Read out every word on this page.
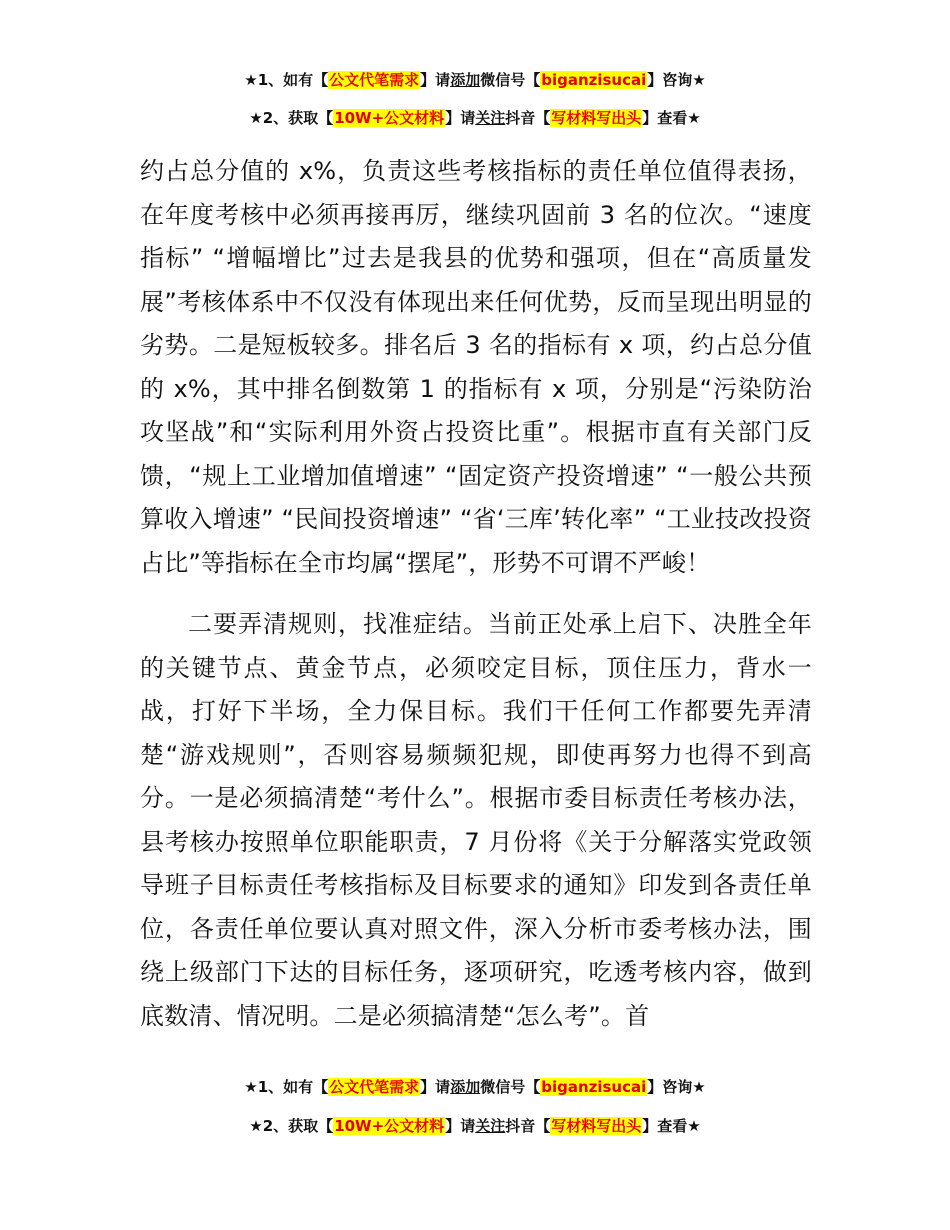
★1、如有【公文代笔需求】请添加微信号【biganzisucai】咨询★
★2、获取【10W+公文材料】请关注抖音【写材料写出头】查看★

约占总分值的 x%，负责这些考核指标的责任单位值得表扬，在年度考核中必须再接再厉，继续巩固前 3 名的位次。“速度指标” “增幅增比”过去是我县的优势和强项，但在“高质量发展”考核体系中不仅没有体现出来任何优势，反而呈现出明显的劣势。二是短板较多。排名后 3 名的指标有 x 项，约占总分值的 x%，其中排名倒数第 1 的指标有 x 项，分别是“污染防治攻坚战”和“实际利用外资占投资比重”。根据市直有关部门反馈，“规上工业增加值增速” “固定资产投资增速” “一般公共预算收入增速” “民间投资增速” “省‘三库’转化率” “工业技改投资占比”等指标在全市均属“摆尾”，形势不可谓不严峻！

二要弄清规则，找准症结。当前正处承上启下、决胜全年的关键节点、黄金节点，必须咬定目标，顶住压力，背水一战，打好下半场，全力保目标。我们干任何工作都要先弄清楚“游戏规则”，否则容易频频犯规，即使再努力也得不到高分。一是必须搞清楚“考什么”。根据市委目标责任考核办法，县考核办按照单位职能职责，7 月份将《关于分解落实党政领导班子目标责任考核指标及目标要求的通知》印发到各责任单位，各责任单位要认真对照文件，深入分析市委考核办法，围绕上级部门下达的目标任务，逐项研究，吃透考核内容，做到底数清、情况明。二是必须搞清楚“怎么考”。首

★1、如有【公文代笔需求】请添加微信号【biganzisucai】咨询★
★2、获取【10W+公文材料】请关注抖音【写材料写出头】查看★
